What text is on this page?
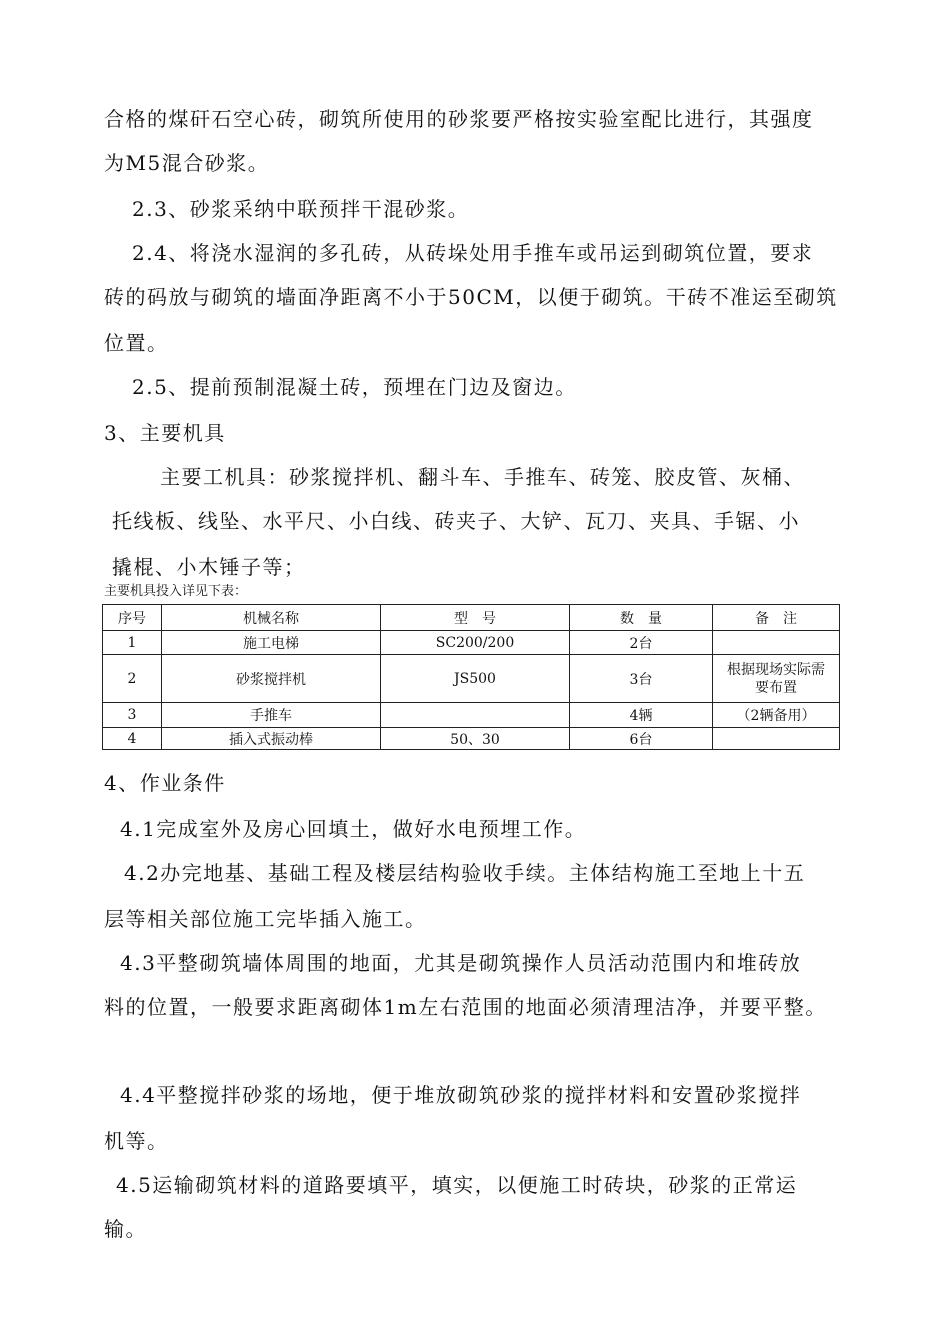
合格的煤矸石空心砖，砌筑所使用的砂浆要严格按实验室配比进行，其强度
为M5混合砂浆。
2.3、砂浆采纳中联预拌干混砂浆。
2.4、将浇水湿润的多孔砖，从砖垛处用手推车或吊运到砌筑位置，要求
砖的码放与砌筑的墙面净距离不小于50CM，以便于砌筑。干砖不准运至砌筑
位置。
2.5、提前预制混凝土砖，预埋在门边及窗边。
3、主要机具
主要工机具：砂浆搅拌机、翻斗车、手推车、砖笼、胶皮管、灰桶、
托线板、线坠、水平尺、小白线、砖夹子、大铲、瓦刀、夹具、手锯、小
撬棍、小木锤子等；
主要机具投入详见下表：
序号	机械名称	型　号	数　量	备　注
1	施工电梯	SC200/200	2台	
2	砂浆搅拌机	JS500	3台	根据现场实际需要布置
3	手推车		4辆	（2辆备用）
4	插入式振动棒	50、30	6台	
4、作业条件
4.1完成室外及房心回填土，做好水电预埋工作。
4.2办完地基、基础工程及楼层结构验收手续。主体结构施工至地上十五
层等相关部位施工完毕插入施工。
4.3平整砌筑墙体周围的地面，尤其是砌筑操作人员活动范围内和堆砖放
料的位置，一般要求距离砌体1m左右范围的地面必须清理洁净，并要平整。
4.4平整搅拌砂浆的场地，便于堆放砌筑砂浆的搅拌材料和安置砂浆搅拌
机等。
4.5运输砌筑材料的道路要填平，填实，以便施工时砖块，砂浆的正常运
输。
